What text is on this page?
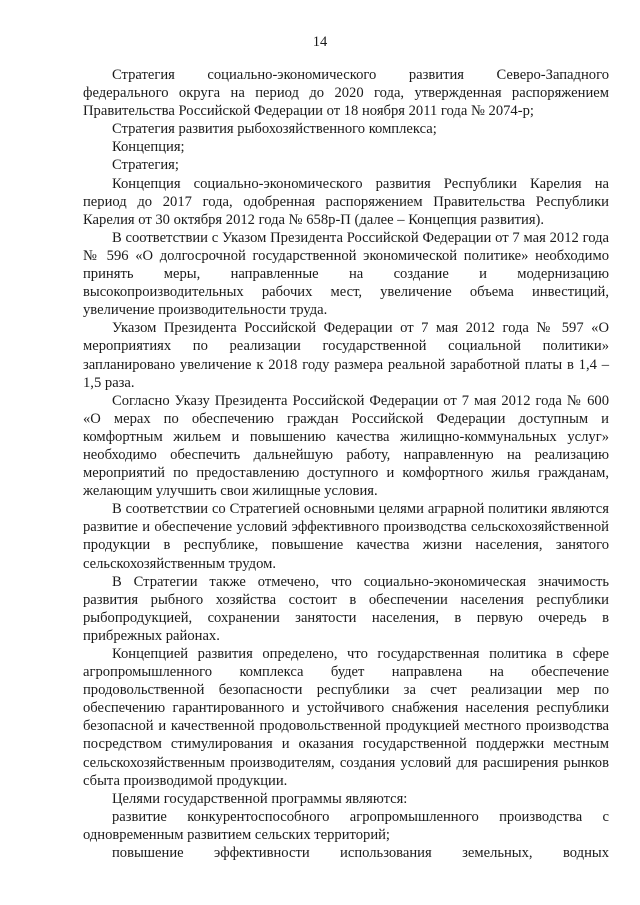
14

Стратегия социально-экономического развития Северо-Западного федерального округа на период до 2020 года, утвержденная распоряжением Правительства Российской Федерации от 18 ноября 2011 года № 2074-р;

Стратегия развития рыбохозяйственного комплекса;

Концепция;

Стратегия;

Концепция социально-экономического развития Республики Карелия на период до 2017 года, одобренная распоряжением Правительства Республики Карелия от 30 октября 2012 года № 658р-П (далее – Концепция развития).

В соответствии с Указом Президента Российской Федерации от 7 мая 2012 года № 596 «О долгосрочной государственной экономической политике» необходимо принять меры, направленные на создание и модернизацию высокопроизводительных рабочих мест, увеличение объема инвестиций, увеличение производительности труда.

Указом Президента Российской Федерации от 7 мая 2012 года № 597 «О мероприятиях по реализации государственной социальной политики» запланировано увеличение к 2018 году размера реальной заработной платы в 1,4 – 1,5 раза.

Согласно Указу Президента Российской Федерации от 7 мая 2012 года № 600 «О мерах по обеспечению граждан Российской Федерации доступным и комфортным жильем и повышению качества жилищно-коммунальных услуг» необходимо обеспечить дальнейшую работу, направленную на реализацию мероприятий по предоставлению доступного и комфортного жилья гражданам, желающим улучшить свои жилищные условия.

В соответствии со Стратегией основными целями аграрной политики являются развитие и обеспечение условий эффективного производства сельскохозяйственной продукции в республике, повышение качества жизни населения, занятого сельскохозяйственным трудом.

В Стратегии также отмечено, что социально-экономическая значимость развития рыбного хозяйства состоит в обеспечении населения республики рыбопродукцией, сохранении занятости населения, в первую очередь в прибрежных районах.

Концепцией развития определено, что государственная политика в сфере агропромышленного комплекса будет направлена на обеспечение продовольственной безопасности республики за счет реализации мер по обеспечению гарантированного и устойчивого снабжения населения республики безопасной и качественной продовольственной продукцией местного производства посредством стимулирования и оказания государственной поддержки местным сельскохозяйственным производителям, создания условий для расширения рынков сбыта производимой продукции.

Целями государственной программы являются:

развитие конкурентоспособного агропромышленного производства с одновременным развитием сельских территорий;

повышение эффективности использования земельных, водных
